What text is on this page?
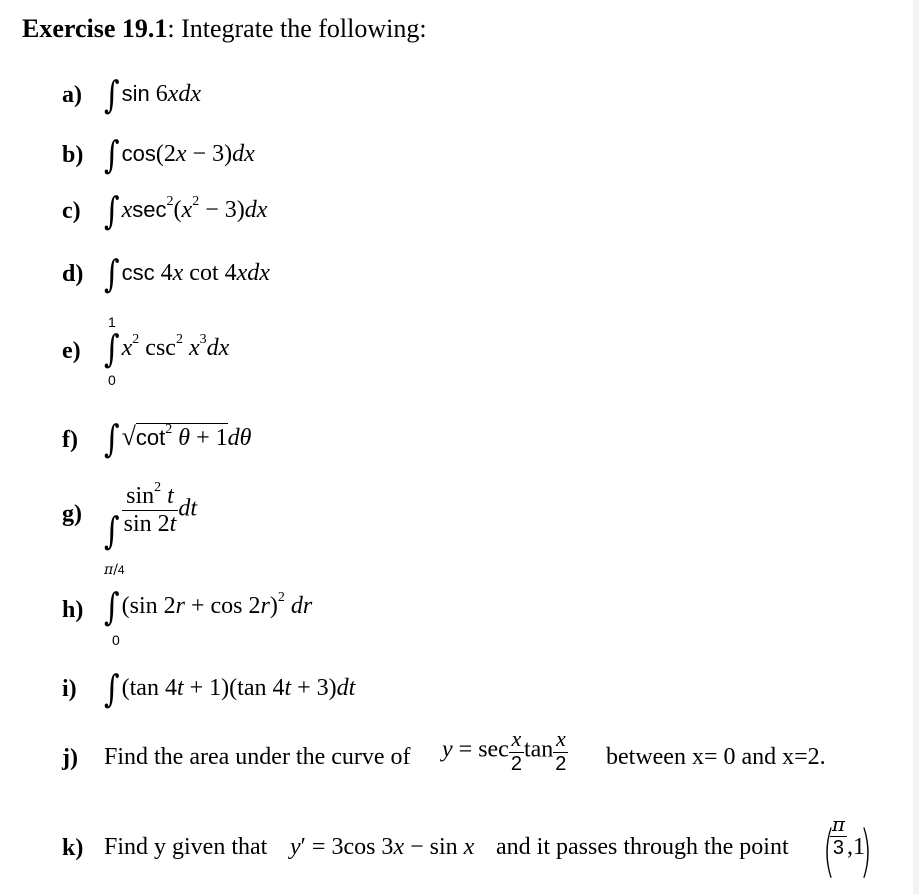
Exercise 19.1: Integrate the following:
a) ∫sin 6xdx
b) ∫cos(2x − 3)dx
c) $\int xsec^2(x^2 - 3)dx$
d) ∫csc 4x cot 4xdx
e)
1
0
$\int x^2$ $\csc^2 x^3dx$
f) $\int√\cot^2$ θ + 1dθ
g) ∫ $\frac{\sin^2 t}{\sin 2t}$ dt
h)
π/4
0
∫(sin 2r + cos 2r)$^2$ dr
i) ∫(tan 4t + 1)(tan 4t + 3)dt
j) Find the area under the curve of $y = \sec \frac{x}{2}$ $\tan \frac{x}{2}$ between x= 0 and x=2.
k) Find y given that y′ = 3cos 3x − sin x and it passes through the point (
$\frac{\pi}{3} ,1$)
